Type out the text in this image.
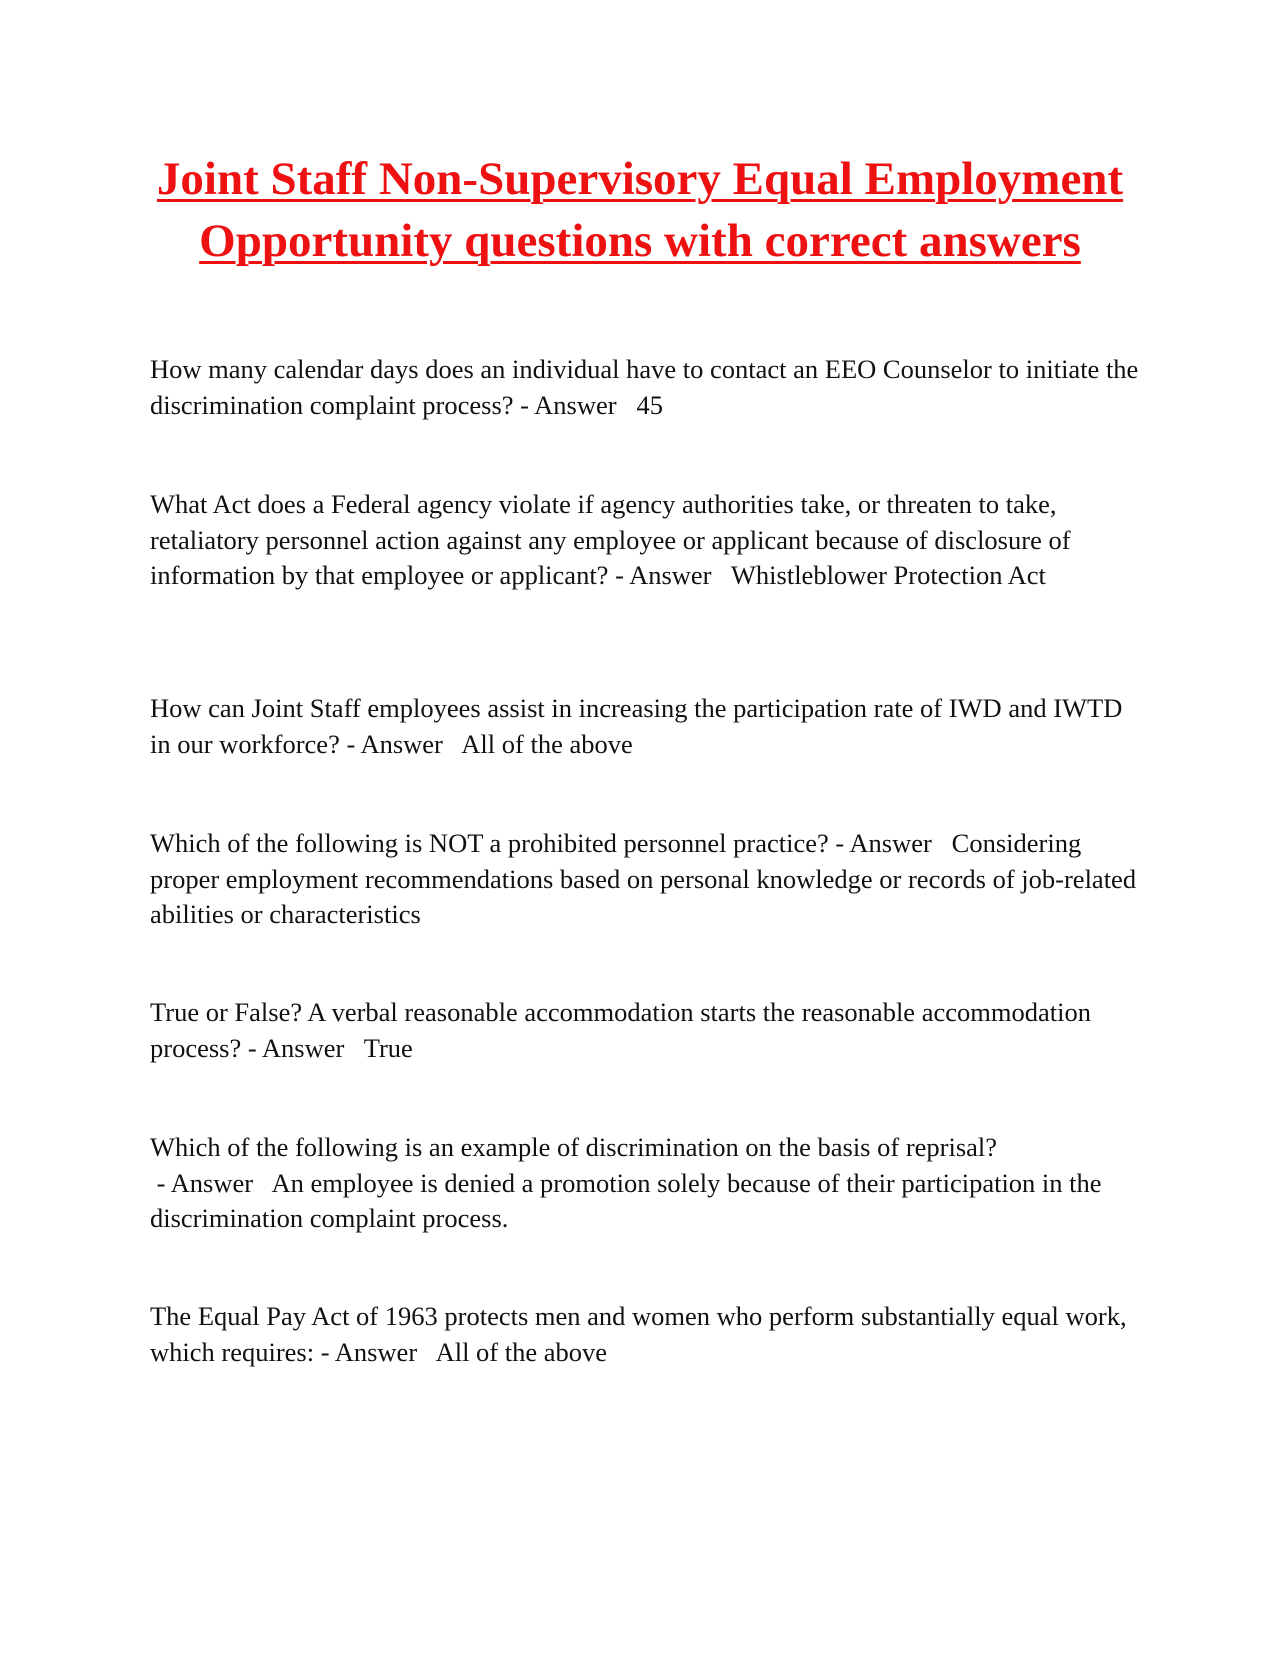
Joint Staff Non-Supervisory Equal Employment Opportunity questions with correct answers

How many calendar days does an individual have to contact an EEO Counselor to initiate the discrimination complaint process? - Answer   45

What Act does a Federal agency violate if agency authorities take, or threaten to take, retaliatory personnel action against any employee or applicant because of disclosure of information by that employee or applicant? - Answer   Whistleblower Protection Act

How can Joint Staff employees assist in increasing the participation rate of IWD and IWTD in our workforce? - Answer   All of the above

Which of the following is NOT a prohibited personnel practice? - Answer   Considering proper employment recommendations based on personal knowledge or records of job-related abilities or characteristics

True or False? A verbal reasonable accommodation starts the reasonable accommodation process? - Answer   True

Which of the following is an example of discrimination on the basis of reprisal? - Answer   An employee is denied a promotion solely because of their participation in the discrimination complaint process.

The Equal Pay Act of 1963 protects men and women who perform substantially equal work, which requires: - Answer   All of the above
